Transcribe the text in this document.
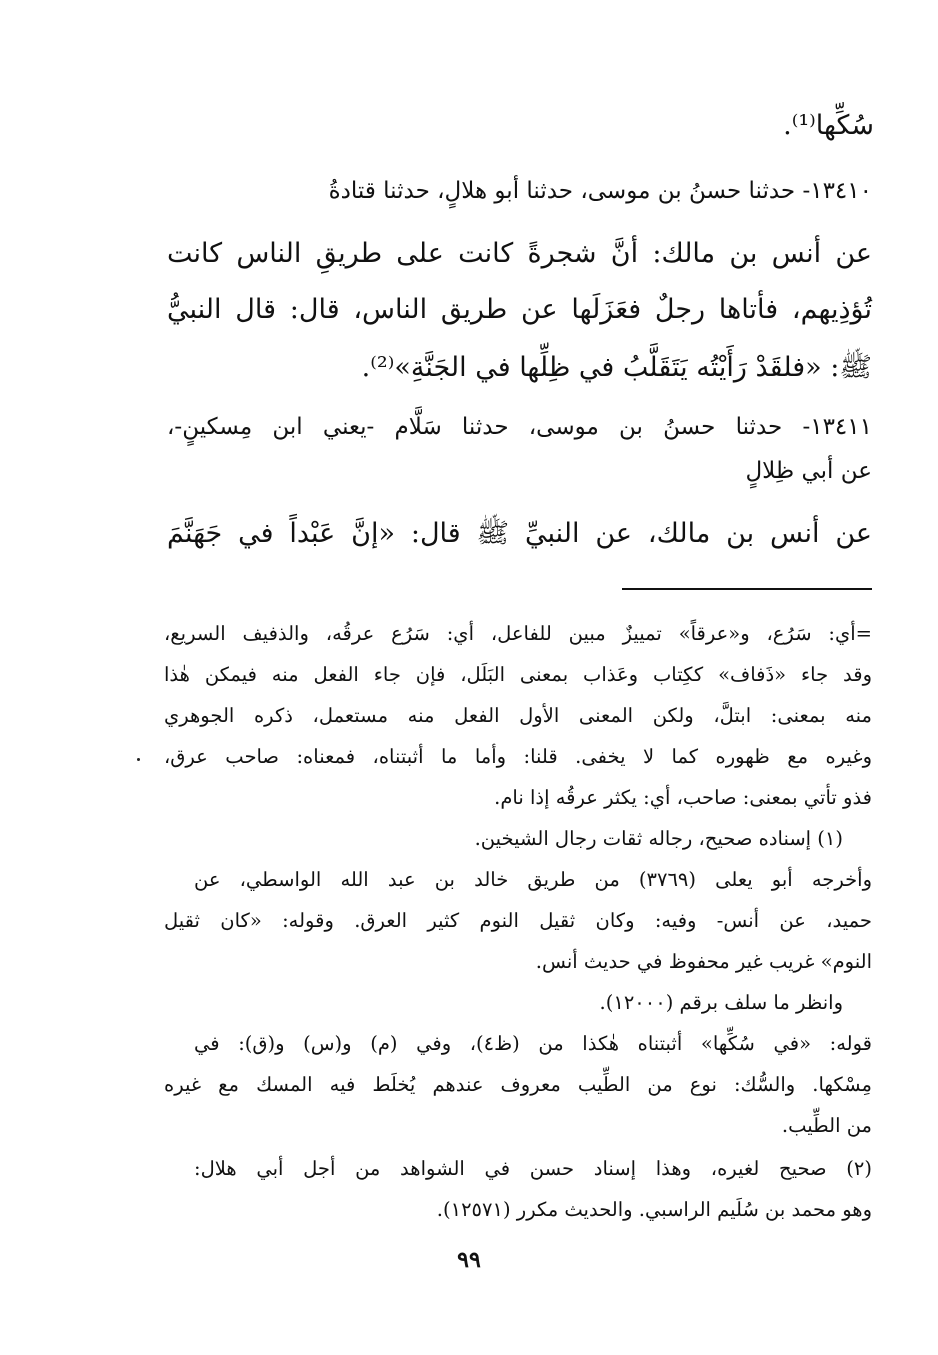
سُكِّها⁽¹⁾.

١٣٤١٠- حدثنا حسنُ بن موسى، حدثنا أبو هلالٍ، حدثنا قتادةُ

عن أنس بن مالك: أنَّ شجرةً كانت على طريقِ الناس كانت

تُؤذِيهم، فأتاها رجلٌ فعَزَلَها عن طريق الناس، قال: قال النبيُّ

ﷺ: «فلقَدْ رَأَيْتُه يَتَقَلَّبُ في ظِلِّها في الجَنَّةِ»⁽²⁾.

١٣٤١١- حدثنا حسنُ بن موسى، حدثنا سَلَّام -يعني ابن مِسكينٍ-،

عن أبي ظِلالٍ

عن أنس بن مالك، عن النبيِّ ﷺ قال: «إنَّ عَبْداً في جَهَنَّمَ

=أي: سَرُع، و«عرقاً» تمييزٌ مبين للفاعل، أي: سَرُع عرقُه، والذفيف السريع،

وقد جاء «ذَفاف» ككِتاب وعَذاب بمعنى البَلَل، فإن جاء الفعل منه فيمكن هٰذا

منه بمعنى: ابتلَّ، ولكن المعنى الأول الفعل منه مستعمل، ذكره الجوهري

وغيره مع ظهوره كما لا يخفى. قلنا: وأما ما أثبتناه، فمعناه: صاحب عرق،

فذو تأتي بمعنى: صاحب، أي: يكثر عرقُه إذا نام.

(١) إسناده صحيح، رجاله ثقات رجال الشيخين.

وأخرجه أبو يعلى (٣٧٦٩) من طريق خالد بن عبد الله الواسطي، عن

حميد، عن أنس- وفيه: وكان ثقيل النوم كثير العرق. وقوله: «كان ثقيل

النوم» غريب غير محفوظ في حديث أنس.

وانظر ما سلف برقم (١٢٠٠٠).

قوله: «في سُكِّها» أثبتناه هٰكذا من (ظ٤)، وفي (م) و(س) و(ق): في

مِسْكها. والسُّك: نوع من الطِّيب معروف عندهم يُخلَط فيه المسك مع غيره

من الطِّيب.

(٢) صحيح لغيره، وهذا إسناد حسن في الشواهد من أجل أبي هلال:

وهو محمد بن سُلَيم الراسبي. والحديث مكرر (١٢٥٧١).

٩٩
